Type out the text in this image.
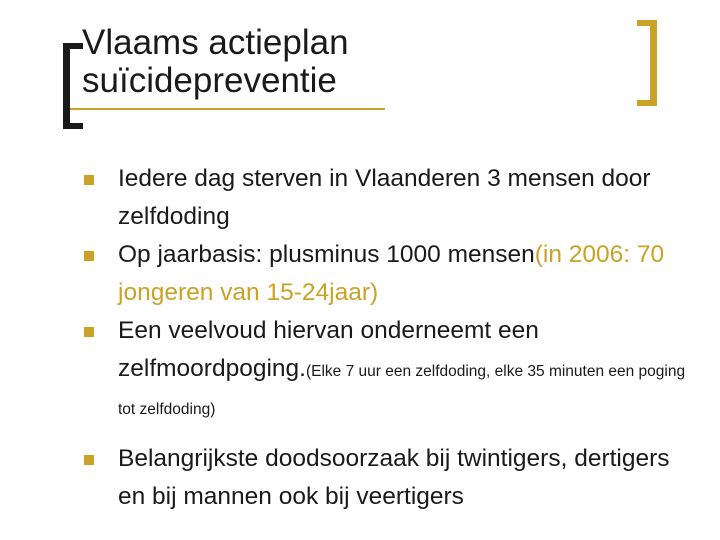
Vlaams actieplan
suïcidepreventie
Iedere dag sterven in Vlaanderen 3 mensen door zelfdoding
Op jaarbasis: plusminus 1000 mensen(in 2006: 70 jongeren van 15-24jaar)
Een veelvoud hiervan onderneemt een zelfmoordpoging.(Elke 7 uur een zelfdoding, elke 35 minuten een poging tot zelfdoding)
Belangrijkste doodsoorzaak bij twintigers, dertigers en bij mannen ook bij veertigers
